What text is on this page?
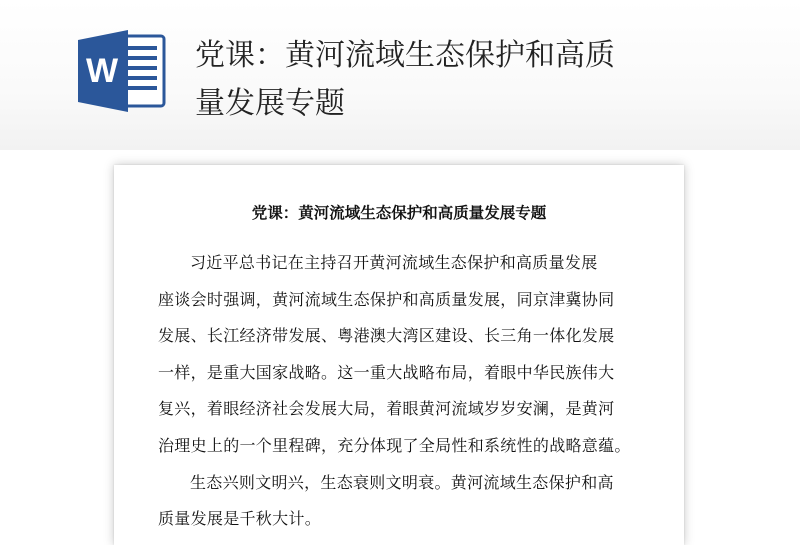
W	党课：黄河流域生态保护和高质
量发展专题
党课：黄河流域生态保护和高质量发展专题
习近平总书记在主持召开黄河流域生态保护和高质量发展
座谈会时强调，黄河流域生态保护和高质量发展，同京津冀协同
发展、长江经济带发展、粤港澳大湾区建设、长三角一体化发展
一样，是重大国家战略。这一重大战略布局，着眼中华民族伟大
复兴，着眼经济社会发展大局，着眼黄河流域岁岁安澜，是黄河
治理史上的一个里程碑，充分体现了全局性和系统性的战略意蕴。
生态兴则文明兴，生态衰则文明衰。黄河流域生态保护和高
质量发展是千秋大计。
